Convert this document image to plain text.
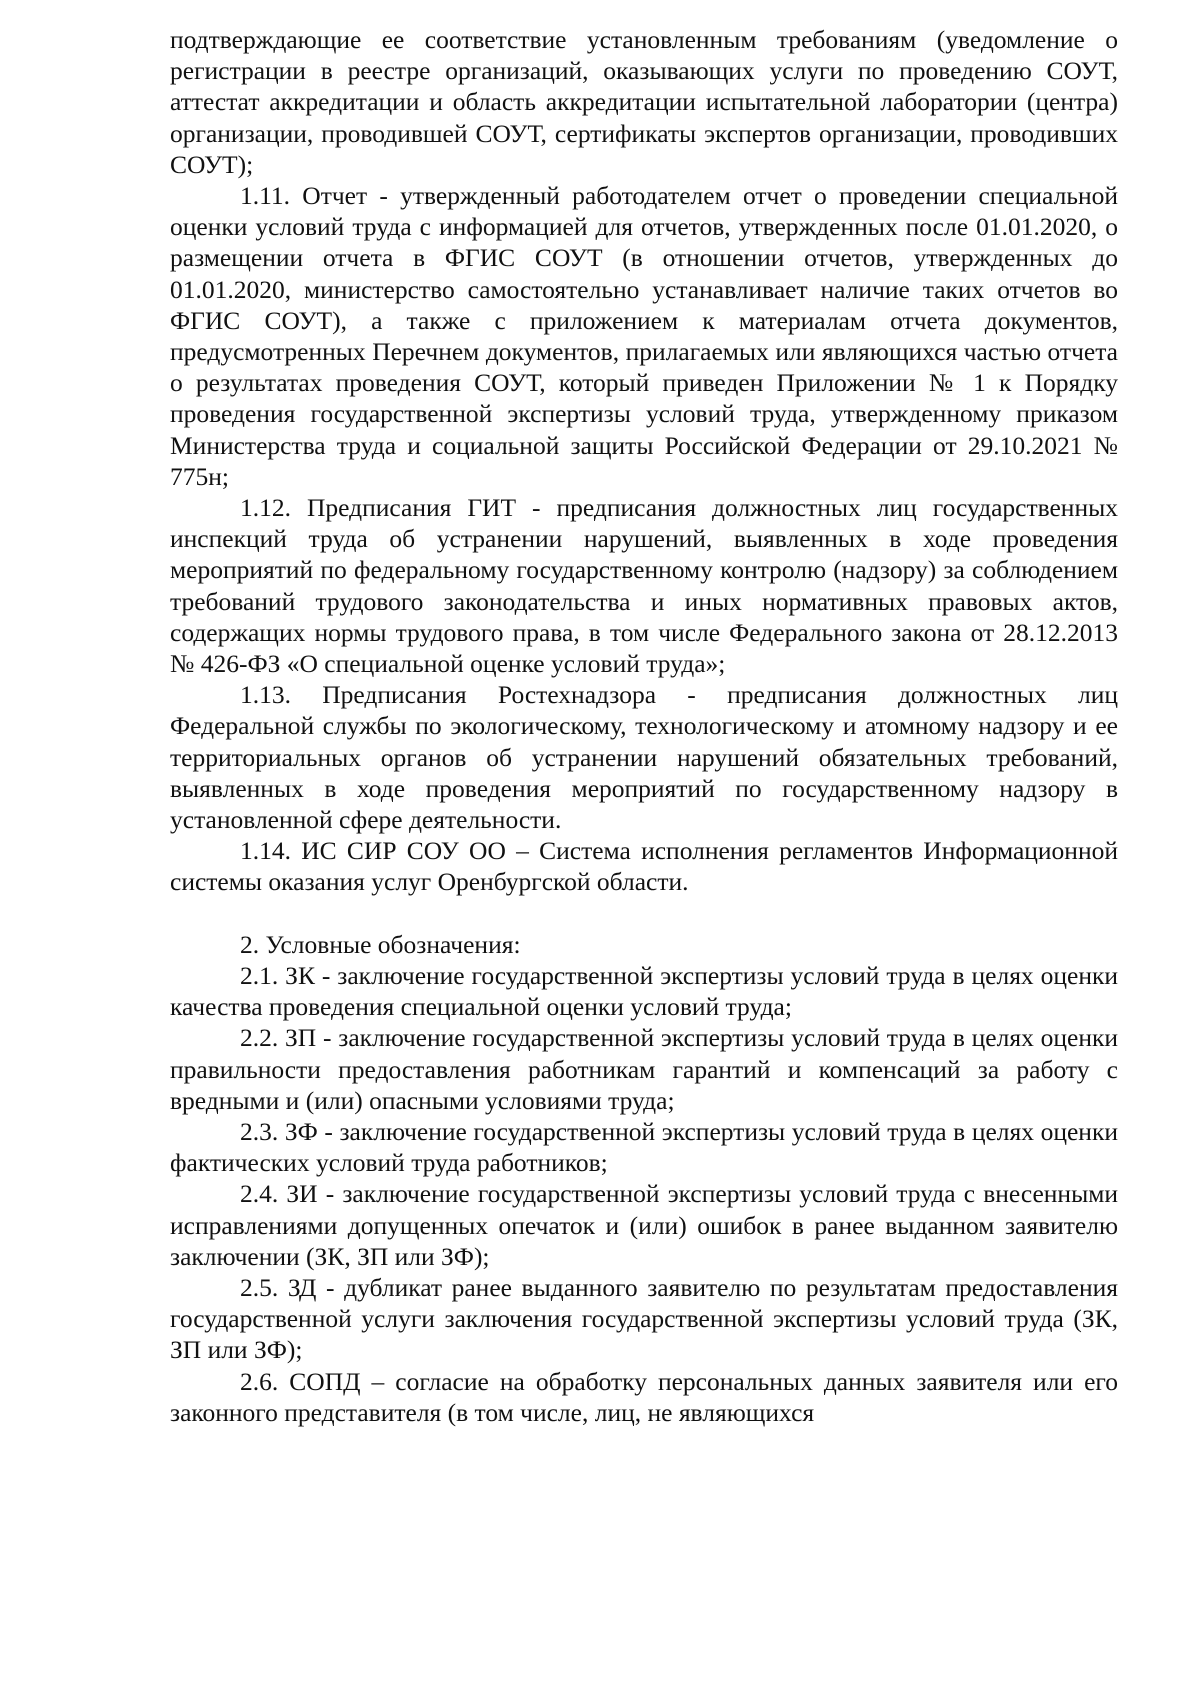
подтверждающие ее соответствие установленным требованиям (уведомление о регистрации в реестре организаций, оказывающих услуги по проведению СОУТ, аттестат аккредитации и область аккредитации испытательной лаборатории (центра) организации, проводившей СОУТ, сертификаты экспертов организации, проводивших СОУТ);

1.11. Отчет - утвержденный работодателем отчет о проведении специальной оценки условий труда с информацией для отчетов, утвержденных после 01.01.2020, о размещении отчета в ФГИС СОУТ (в отношении отчетов, утвержденных до 01.01.2020, министерство самостоятельно устанавливает наличие таких отчетов во ФГИС СОУТ), а также с приложением к материалам отчета документов, предусмотренных Перечнем документов, прилагаемых или являющихся частью отчета о результатах проведения СОУТ, который приведен Приложении № 1 к Порядку проведения государственной экспертизы условий труда, утвержденному приказом Министерства труда и социальной защиты Российской Федерации от 29.10.2021 № 775н;

1.12. Предписания ГИТ - предписания должностных лиц государственных инспекций труда об устранении нарушений, выявленных в ходе проведения мероприятий по федеральному государственному контролю (надзору) за соблюдением требований трудового законодательства и иных нормативных правовых актов, содержащих нормы трудового права, в том числе Федерального закона от 28.12.2013 № 426-ФЗ «О специальной оценке условий труда»;

1.13. Предписания Ростехнадзора - предписания должностных лиц Федеральной службы по экологическому, технологическому и атомному надзору и ее территориальных органов об устранении нарушений обязательных требований, выявленных в ходе проведения мероприятий по государственному надзору в установленной сфере деятельности.

1.14. ИС СИР СОУ ОО – Система исполнения регламентов Информационной системы оказания услуг Оренбургской области.

2. Условные обозначения:

2.1. ЗК - заключение государственной экспертизы условий труда в целях оценки качества проведения специальной оценки условий труда;

2.2. ЗП - заключение государственной экспертизы условий труда в целях оценки правильности предоставления работникам гарантий и компенсаций за работу с вредными и (или) опасными условиями труда;

2.3. ЗФ - заключение государственной экспертизы условий труда в целях оценки фактических условий труда работников;

2.4. ЗИ - заключение государственной экспертизы условий труда с внесенными исправлениями допущенных опечаток и (или) ошибок в ранее выданном заявителю заключении (ЗК, ЗП или ЗФ);

2.5. ЗД - дубликат ранее выданного заявителю по результатам предоставления государственной услуги заключения государственной экспертизы условий труда (ЗК, ЗП или ЗФ);

2.6. СОПД – согласие на обработку персональных данных заявителя или его законного представителя (в том числе, лиц, не являющихся
